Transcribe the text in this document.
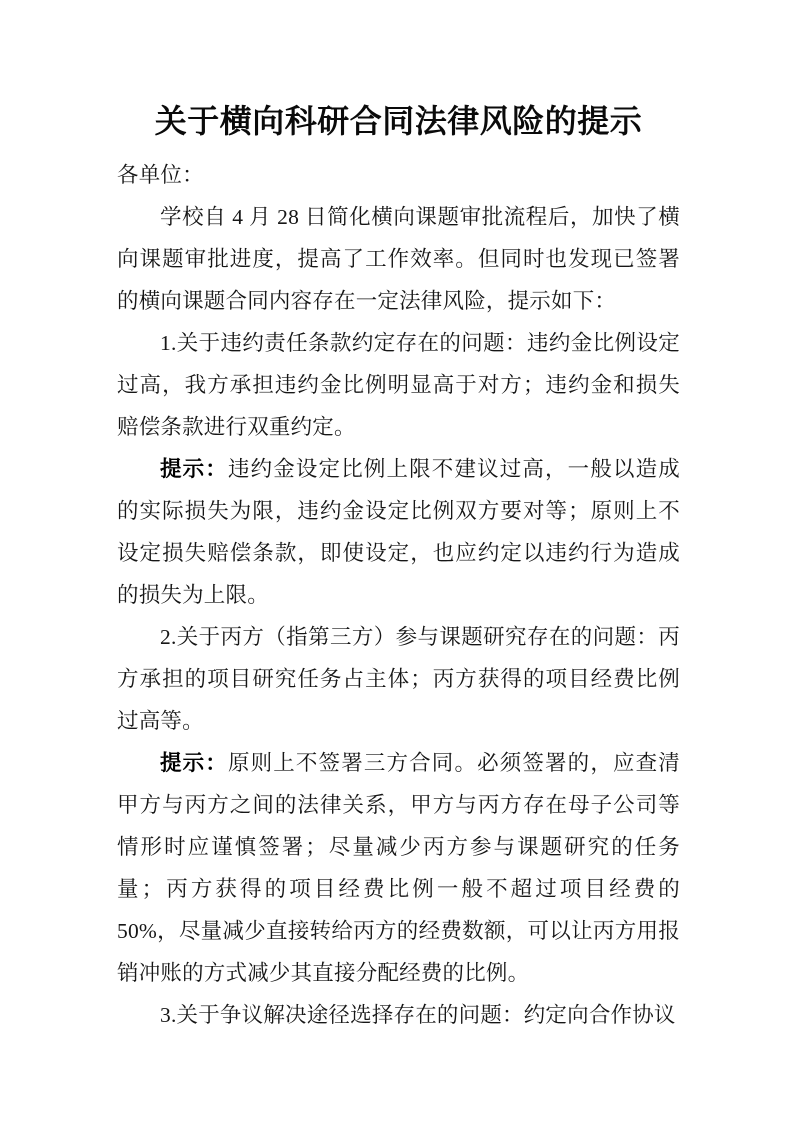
关于横向科研合同法律风险的提示

各单位：

学校自 4 月 28 日简化横向课题审批流程后，加快了横向课题审批进度，提高了工作效率。但同时也发现已签署的横向课题合同内容存在一定法律风险，提示如下：

1.关于违约责任条款约定存在的问题：违约金比例设定过高，我方承担违约金比例明显高于对方；违约金和损失赔偿条款进行双重约定。

提示：违约金设定比例上限不建议过高，一般以造成的实际损失为限，违约金设定比例双方要对等；原则上不设定损失赔偿条款，即使设定，也应约定以违约行为造成的损失为上限。

2.关于丙方（指第三方）参与课题研究存在的问题：丙方承担的项目研究任务占主体；丙方获得的项目经费比例过高等。

提示：原则上不签署三方合同。必须签署的，应查清甲方与丙方之间的法律关系，甲方与丙方存在母子公司等情形时应谨慎签署；尽量减少丙方参与课题研究的任务量；丙方获得的项目经费比例一般不超过项目经费的 50%，尽量减少直接转给丙方的经费数额，可以让丙方用报销冲账的方式减少其直接分配经费的比例。

3.关于争议解决途径选择存在的问题：约定向合作协议
